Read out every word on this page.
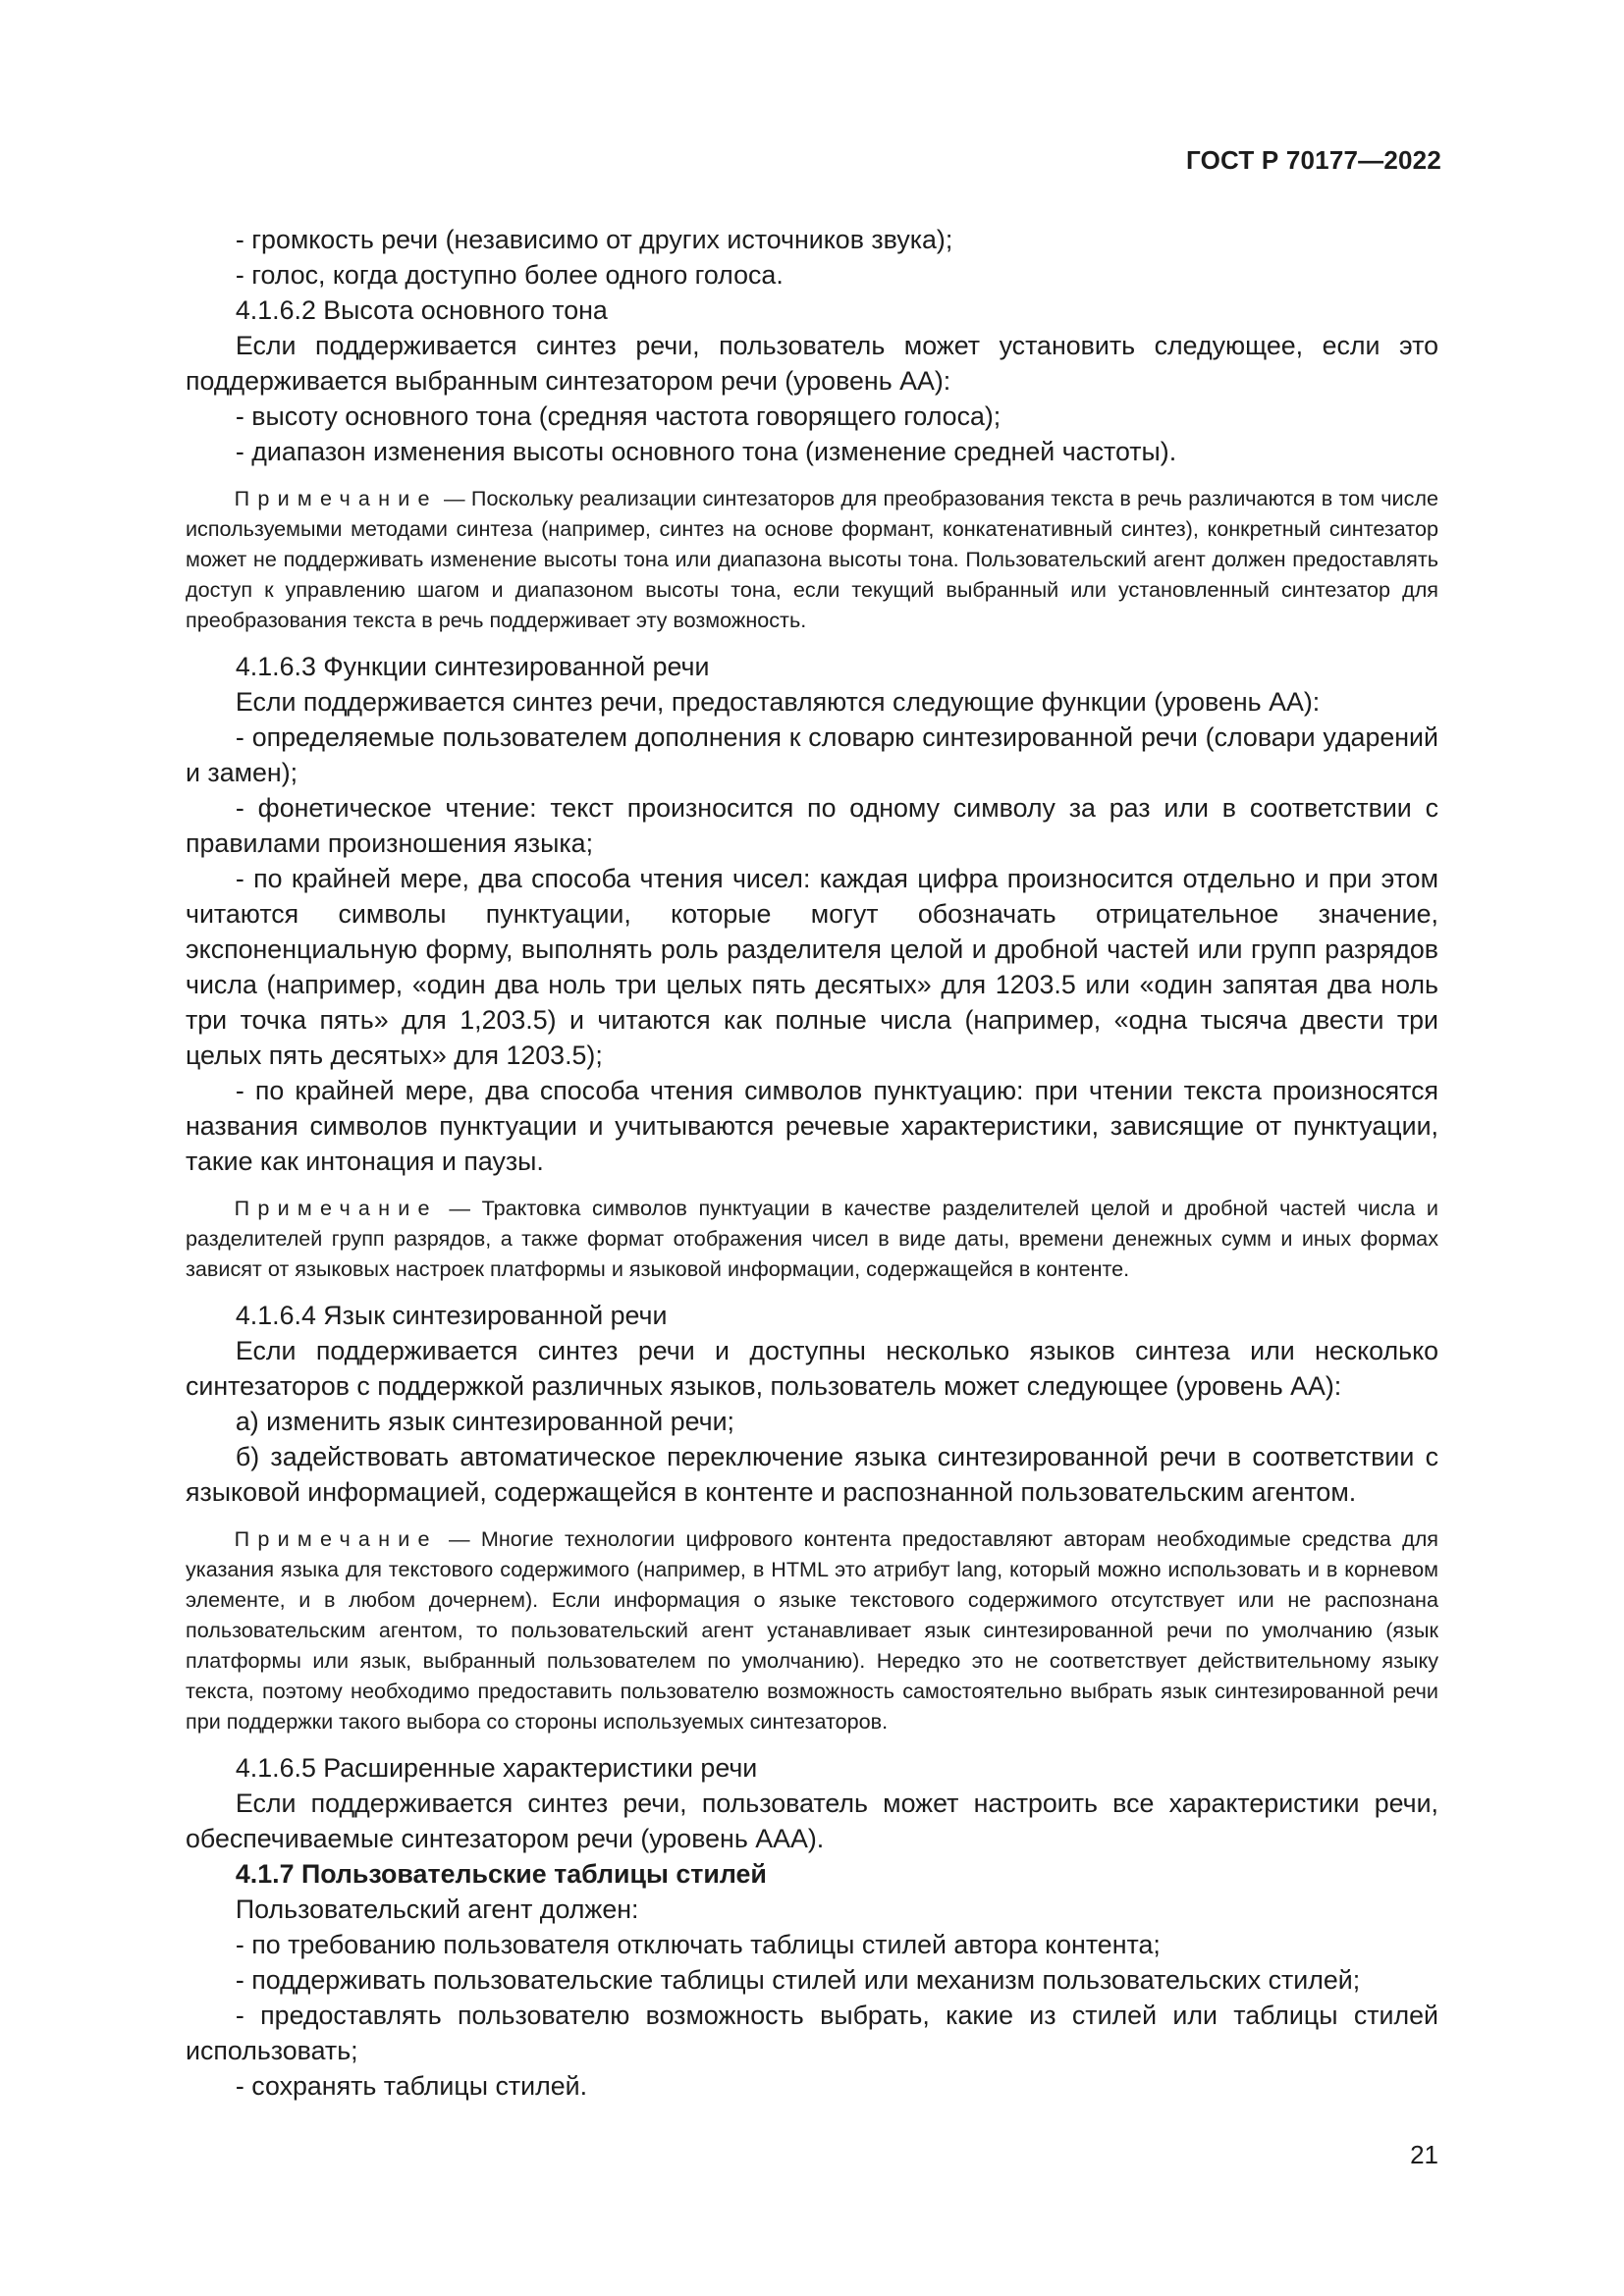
ГОСТ Р 70177—2022

- громкость речи (независимо от других источников звука);

- голос, когда доступно более одного голоса.

4.1.6.2 Высота основного тона

Если поддерживается синтез речи, пользователь может установить следующее, если это поддерживается выбранным синтезатором речи (уровень АА):

- высоту основного тона (средняя частота говорящего голоса);

- диапазон изменения высоты основного тона (изменение средней частоты).

Примечание — Поскольку реализации синтезаторов для преобразования текста в речь различаются в том числе используемыми методами синтеза (например, синтез на основе формант, конкатенативный синтез), конкретный синтезатор может не поддерживать изменение высоты тона или диапазона высоты тона. Пользовательский агент должен предоставлять доступ к управлению шагом и диапазоном высоты тона, если текущий выбранный или установленный синтезатор для преобразования текста в речь поддерживает эту возможность.

4.1.6.3 Функции синтезированной речи

Если поддерживается синтез речи, предоставляются следующие функции (уровень АА):

- определяемые пользователем дополнения к словарю синтезированной речи (словари ударений и замен);

- фонетическое чтение: текст произносится по одному символу за раз или в соответствии с правилами произношения языка;

- по крайней мере, два способа чтения чисел: каждая цифра произносится отдельно и при этом читаются символы пунктуации, которые могут обозначать отрицательное значение, экспоненциальную форму, выполнять роль разделителя целой и дробной частей или групп разрядов числа (например, «один два ноль три целых пять десятых» для 1203.5 или «один запятая два ноль три точка пять» для 1,203.5) и читаются как полные числа (например, «одна тысяча двести три целых пять десятых» для 1203.5);

- по крайней мере, два способа чтения символов пунктуацию: при чтении текста произносятся названия символов пунктуации и учитываются речевые характеристики, зависящие от пунктуации, такие как интонация и паузы.

Примечание — Трактовка символов пунктуации в качестве разделителей целой и дробной частей числа и разделителей групп разрядов, а также формат отображения чисел в виде даты, времени денежных сумм и иных формах зависят от языковых настроек платформы и языковой информации, содержащейся в контенте.

4.1.6.4 Язык синтезированной речи

Если поддерживается синтез речи и доступны несколько языков синтеза или несколько синтезаторов с поддержкой различных языков, пользователь может следующее (уровень АА):

а) изменить язык синтезированной речи;

б) задействовать автоматическое переключение языка синтезированной речи в соответствии с языковой информацией, содержащейся в контенте и распознанной пользовательским агентом.

Примечание — Многие технологии цифрового контента предоставляют авторам необходимые средства для указания языка для текстового содержимого (например, в HTML это атрибут lang, который можно использовать и в корневом элементе, и в любом дочернем). Если информация о языке текстового содержимого отсутствует или не распознана пользовательским агентом, то пользовательский агент устанавливает язык синтезированной речи по умолчанию (язык платформы или язык, выбранный пользователем по умолчанию). Нередко это не соответствует действительному языку текста, поэтому необходимо предоставить пользователю возможность самостоятельно выбрать язык синтезированной речи при поддержки такого выбора со стороны используемых синтезаторов.

4.1.6.5 Расширенные характеристики речи

Если поддерживается синтез речи, пользователь может настроить все характеристики речи, обеспечиваемые синтезатором речи (уровень ААА).

4.1.7 Пользовательские таблицы стилей

Пользовательский агент должен:

- по требованию пользователя отключать таблицы стилей автора контента;

- поддерживать пользовательские таблицы стилей или механизм пользовательских стилей;

- предоставлять пользователю возможность выбрать, какие из стилей или таблицы стилей использовать;

- сохранять таблицы стилей.

21
